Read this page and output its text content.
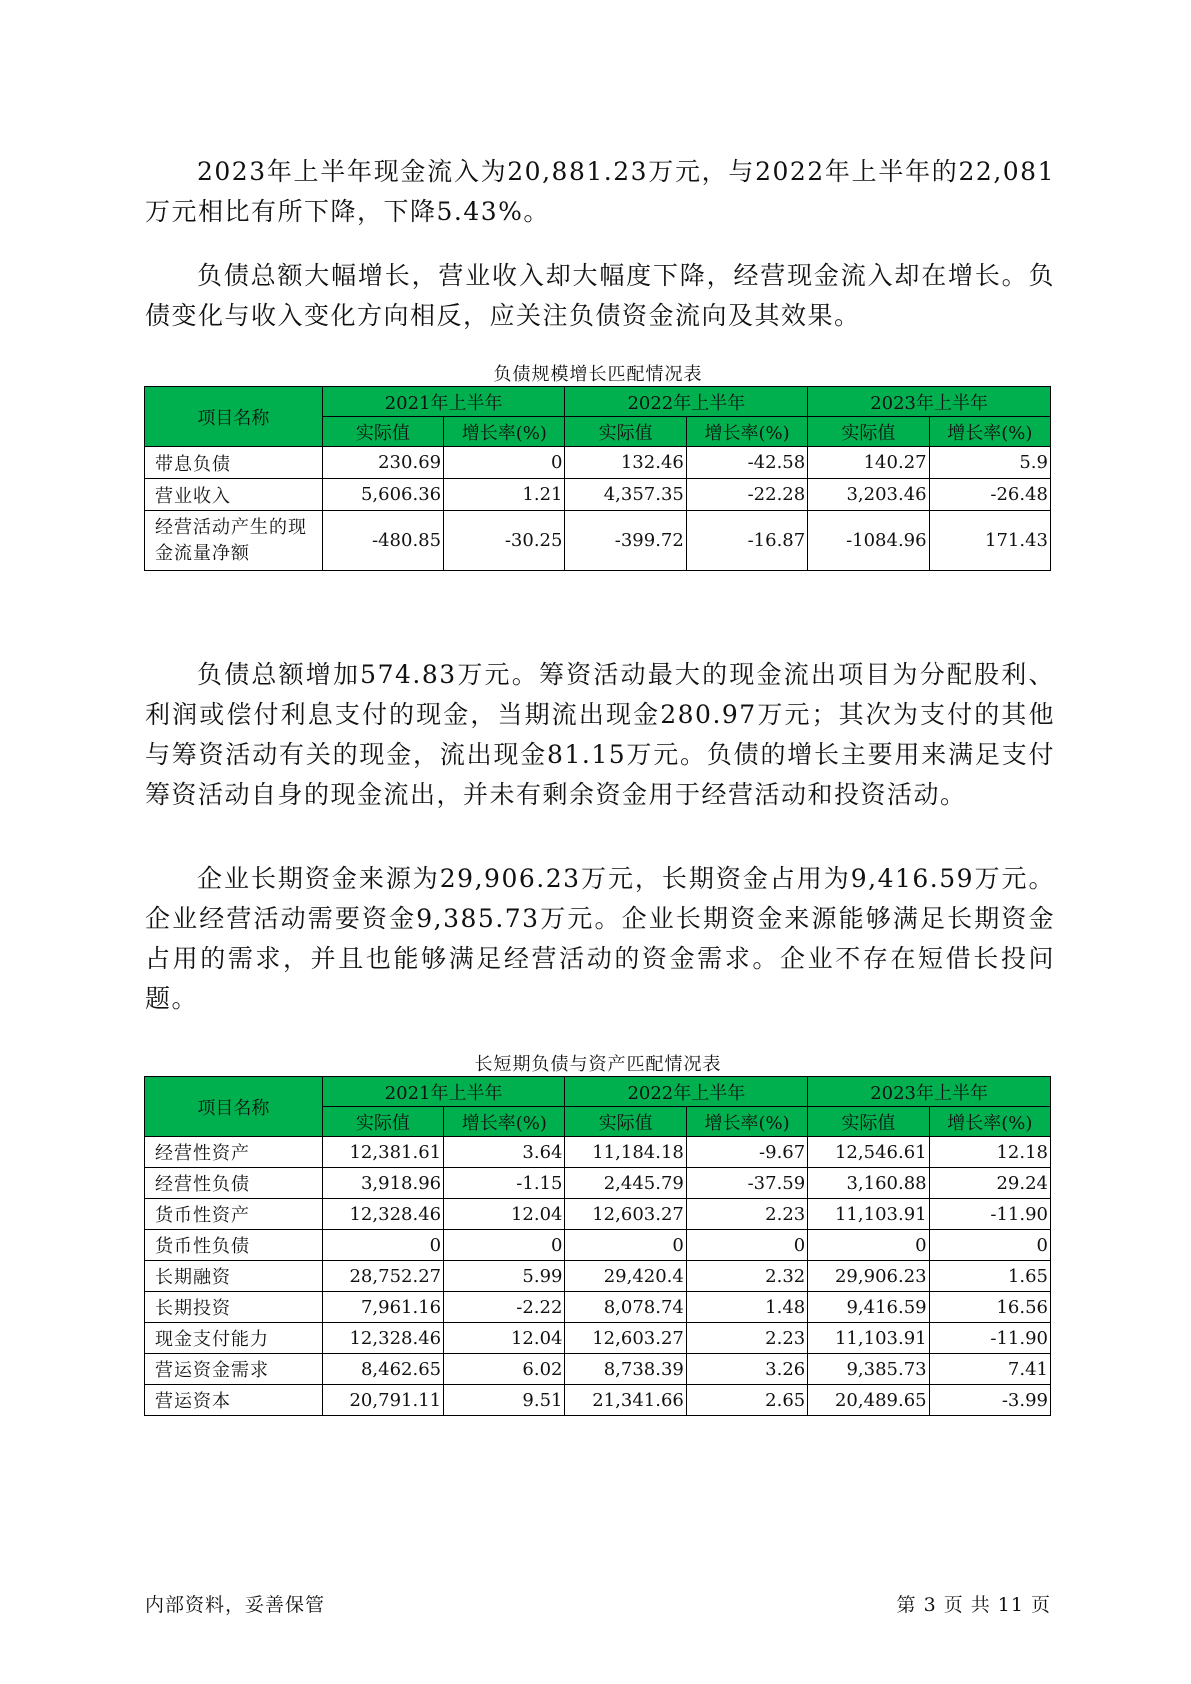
2023年上半年现金流入为20,881.23万元，与2022年上半年的22,081万元相比有所下降，下降5.43%。

负债总额大幅增长，营业收入却大幅度下降，经营现金流入却在增长。负债变化与收入变化方向相反，应关注负债资金流向及其效果。

负债规模增长匹配情况表
项目名称	2021年上半年		2022年上半年		2023年上半年	
	实际值	增长率(%)	实际值	增长率(%)	实际值	增长率(%)
带息负债	230.69	0	132.46	-42.58	140.27	5.9
营业收入	5,606.36	1.21	4,357.35	-22.28	3,203.46	-26.48
经营活动产生的现金流量净额	-480.85	-30.25	-399.72	-16.87	-1084.96	171.43

负债总额增加574.83万元。筹资活动最大的现金流出项目为分配股利、利润或偿付利息支付的现金，当期流出现金280.97万元；其次为支付的其他与筹资活动有关的现金，流出现金81.15万元。负债的增长主要用来满足支付筹资活动自身的现金流出，并未有剩余资金用于经营活动和投资活动。

企业长期资金来源为29,906.23万元，长期资金占用为9,416.59万元。企业经营活动需要资金9,385.73万元。企业长期资金来源能够满足长期资金占用的需求，并且也能够满足经营活动的资金需求。企业不存在短借长投问题。

长短期负债与资产匹配情况表
项目名称	2021年上半年		2022年上半年		2023年上半年	
	实际值	增长率(%)	实际值	增长率(%)	实际值	增长率(%)
经营性资产	12,381.61	3.64	11,184.18	-9.67	12,546.61	12.18
经营性负债	3,918.96	-1.15	2,445.79	-37.59	3,160.88	29.24
货币性资产	12,328.46	12.04	12,603.27	2.23	11,103.91	-11.90
货币性负债	0	0	0	0	0	0
长期融资	28,752.27	5.99	29,420.4	2.32	29,906.23	1.65
长期投资	7,961.16	-2.22	8,078.74	1.48	9,416.59	16.56
现金支付能力	12,328.46	12.04	12,603.27	2.23	11,103.91	-11.90
营运资金需求	8,462.65	6.02	8,738.39	3.26	9,385.73	7.41
营运资本	20,791.11	9.51	21,341.66	2.65	20,489.65	-3.99
内部资料，妥善保管	第 3 页 共 11 页
